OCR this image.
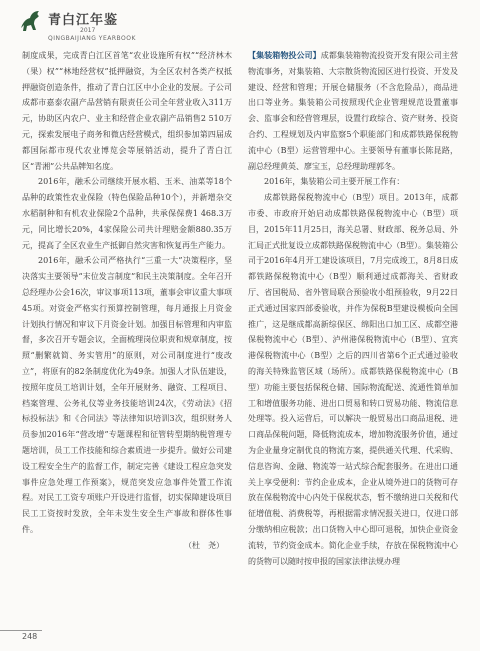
青白江年鉴
2017
QINGBAIJIANG YEARBOOK

制度成果，完成青白江区首笔“农业设施所有权”“经济林木（果）权”“林地经营权”抵押融资，为全区农村各类产权抵押融资创造条件，推动了青白江区中小企业的发展。子公司成都市嘉泰农副产品营销有限责任公司全年营业收入311万元，协助区内农户、业主和经营企业农副产品销售2 510万元，探索发展电子商务和微店经营模式，组织参加第四届成都国际都市现代农业博览会等展销活动，提升了青白江区“青湘”公共品牌知名度。

2016年，融禾公司继续开展水稻、玉米、油菜等18个品种的政策性农业保险（特色保险品种10个），并新增杂交水稻制种和有机农业保险2个品种，共承保保费1 468.3万元，同比增长20%，4家保险公司共计理赔金额880.35万元，提高了全区农业生产抵御自然灾害和恢复再生产能力。

2016年，融禾公司严格执行“三重一大”决策程序，坚决落实主要领导“末位发言制度”和民主决策制度。全年召开总经理办公会16次，审议事项113项，董事会审议重大事项45项。对资金严格实行预算控制管理，每月通报上月资金计划执行情况和审议下月资金计划。加强目标管理和内审监督，多次召开专题会议，全面梳理岗位职责和规章制度，按照“删繁就简、务实管用”的原则，对公司制度进行“废改立”，将原有的82条制度优化为49条。加强人才队伍建设，按照年度员工培训计划，全年开展财务、融资、工程项目、档案管理、公务礼仪等业务技能培训24次，《劳动法》《招标投标法》和《合同法》等法律知识培训3次，组织财务人员参加2016年“营改增”专题课程和征管转型期纳税管理专题培训，员工工作技能和综合素质进一步提升。做好公司建设工程安全生产的监督工作，制定完善《建设工程应急突发事件应急处理工作预案》，规范突发应急事件处置工作流程。对民工工资专项账户开设进行监督，切实保障建设项目民工工资按时发放，全年未发生安全生产事故和群体性事件。

（杜　尧）

【集装箱物投公司】成都集装箱物流投资开发有限公司主营物流事务，对集装箱、大宗散货物流园区进行投资、开发及建设、经营和管理；开展仓储服务（不含危险品），商品进出口等业务。集装箱公司按照现代企业管理规范设置董事会、监事会和经营管理层，设置行政综合、资产财务、投资合约、工程规划及内审监察5个职能部门和成都铁路保税物流中心（B型）运营管理中心。主要领导有董事长陈昆路，副总经理黄英、廖宝玉，总经理助理郭冬。

2016年，集装箱公司主要开展工作有：

成都铁路保税物流中心（B型）项目。2013年，成都市委、市政府开始启动成都铁路保税物流中心（B型）项目，2015年11月25日，海关总署、财政部、税务总局、外汇局正式批复设立成都铁路保税物流中心（B型）。集装箱公司于2016年4月开工建设该项目，7月完成竣工，8月8日成都铁路保税物流中心（B型）顺利通过成都海关、省财政厅、省国税局、省外管局联合预验收小组预验收，9月22日正式通过国家四部委验收，并作为保税B型建设模板向全国推广，这是继成都高新综保区、绵阳出口加工区、成都空港保税物流中心（B型）、泸州港保税物流中心（B型）、宜宾港保税物流中心（B型）之后的四川省第6个正式通过验收的海关特殊监管区域（场所）。成都铁路保税物流中心（B型）功能主要包括保税仓储、国际物流配送、流通性简单加工和增值服务功能、进出口贸易和转口贸易功能、物流信息处理等。投入运营后，可以解决一般贸易出口商品退税、进口商品保税问题，降低物流成本，增加物流服务价值，通过为企业量身定制优良的物流方案，提供通关代理、代采购、信息咨询、金融、物流等一站式综合配套服务。在进出口通关上享受便利：节约企业成本，企业从境外进口的货物可存放在保税物流中心内处于保税状态，暂不缴纳进口关税和代征增值税、消费税等，再根据需求情况报关进口，仅进口部分缴纳相应税款；出口货物入中心即可退税，加快企业资金流转，节约资金成本。简化企业手续，存放在保税物流中心的货物可以随时按申报的国家法律法规办理

248
